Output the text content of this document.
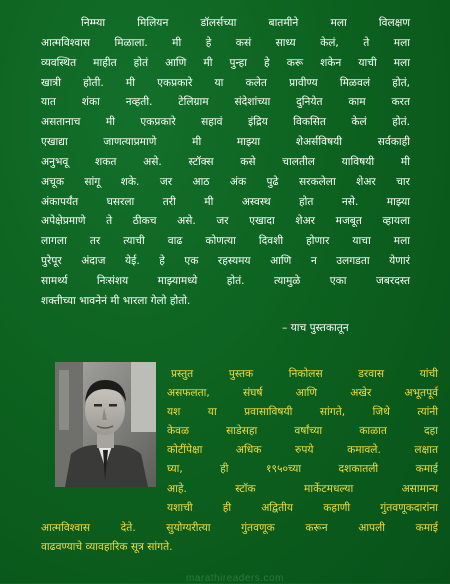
निम्म्या मिलियन डॉलर्सच्या बातमीने मला विलक्षण
आत्मविश्वास मिळाला. मी हे कसं साध्य केलं, ते मला
व्यवस्थित माहीत होतं आणि मी पुन्हा हे करू शकेन याची मला
खात्री होती. मी एकप्रकारे या कलेत प्रावीण्य मिळवलं होतं,
यात शंका नव्हती. टेलिग्राम संदेशांच्या दुनियेत काम करत
असतानाच मी एकप्रकारे सहावं इंद्रिय विकसित केलं होतं.
एखाद्या जाणत्याप्रमाणे मी माझ्या शेअर्सविषयी सर्वकाही
अनुभवू शकत असे. स्टॉक्स कसे चालतील याविषयी मी
अचूक सांगू शके. जर आठ अंक पुढे सरकलेला शेअर चार
अंकापर्यंत घसरला तरी मी अस्वस्थ होत नसे. माझ्या
अपेक्षेप्रमाणे ते ठीकच असे. जर एखादा शेअर मजबूत व्हायला
लागला तर त्याची वाढ कोणत्या दिवशी होणार याचा मला
पुरेपूर अंदाज येई. हे एक रहस्यमय आणि न उलगडता येणारं
सामर्थ्य निःसंशय माझ्यामध्ये होतं. त्यामुळे एका जबरदस्त
शक्तीच्या भावनेनं मी भारला गेलो होतो.
– याच पुस्तकातून
प्रस्तुत पुस्तक निकोलस डरवास यांची
असफलता, संघर्ष आणि अखेर अभूतपूर्व
यश या प्रवासाविषयी सांगते, जिथे त्यांनी
केवळ साडेसहा वर्षांच्या काळात दहा
कोटींपेक्षा अधिक रुपये कमावले. लक्षात
घ्या, ही १९५०च्या दशकातली कमाई
आहे. स्टॉक मार्केटमधल्या असामान्य
यशाची ही अद्वितीय कहाणी गुंतवणूकदारांना
आत्मविश्वास देते. सुयोग्यरीत्या गुंतवणूक करून आपली कमाई
वाढवण्याचे व्यावहारिक सूत्र सांगते.
marathireaders.com
